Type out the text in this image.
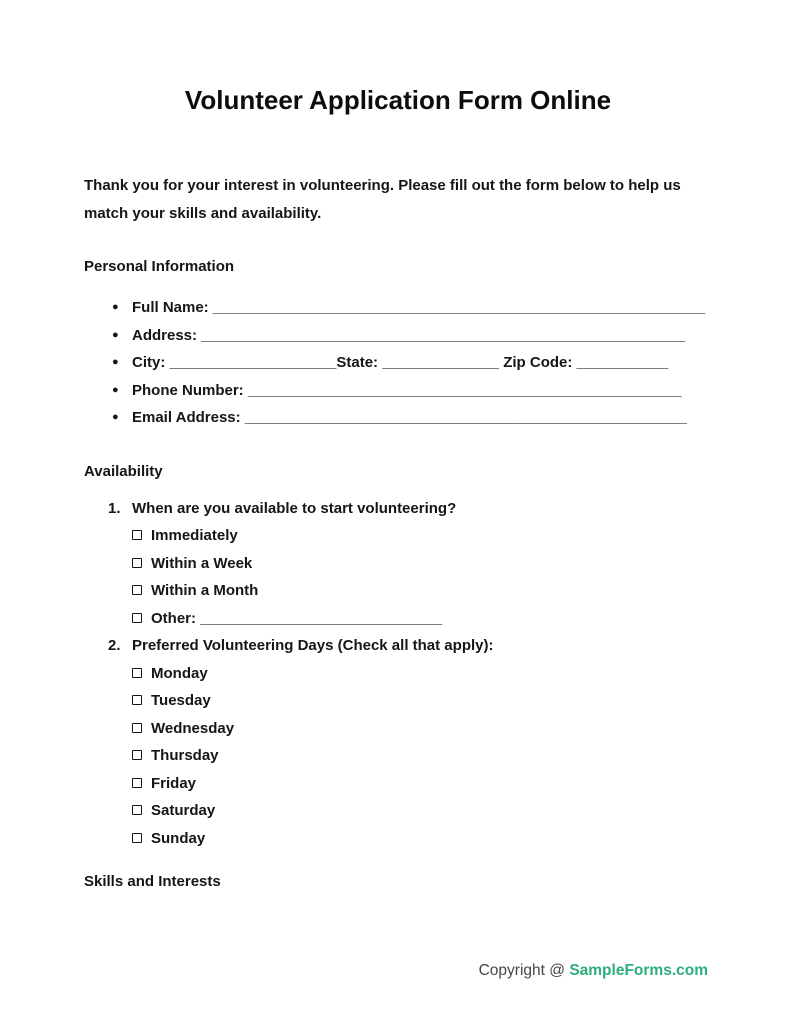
Volunteer Application Form Online

Thank you for your interest in volunteering. Please fill out the form below to help us match your skills and availability.

Personal Information
● Full Name: ___________________________________________________________
● Address: __________________________________________________________
● City: ____________________State: ______________ Zip Code: ___________
● Phone Number: ____________________________________________________
● Email Address: _____________________________________________________
Availability
1. When are you available to start volunteering?
Immediately
Within a Week
Within a Month
Other: _____________________________
2. Preferred Volunteering Days (Check all that apply):
Monday
Tuesday
Wednesday
Thursday
Friday
Saturday
Sunday
Skills and Interests
Copyright @ SampleForms.com
